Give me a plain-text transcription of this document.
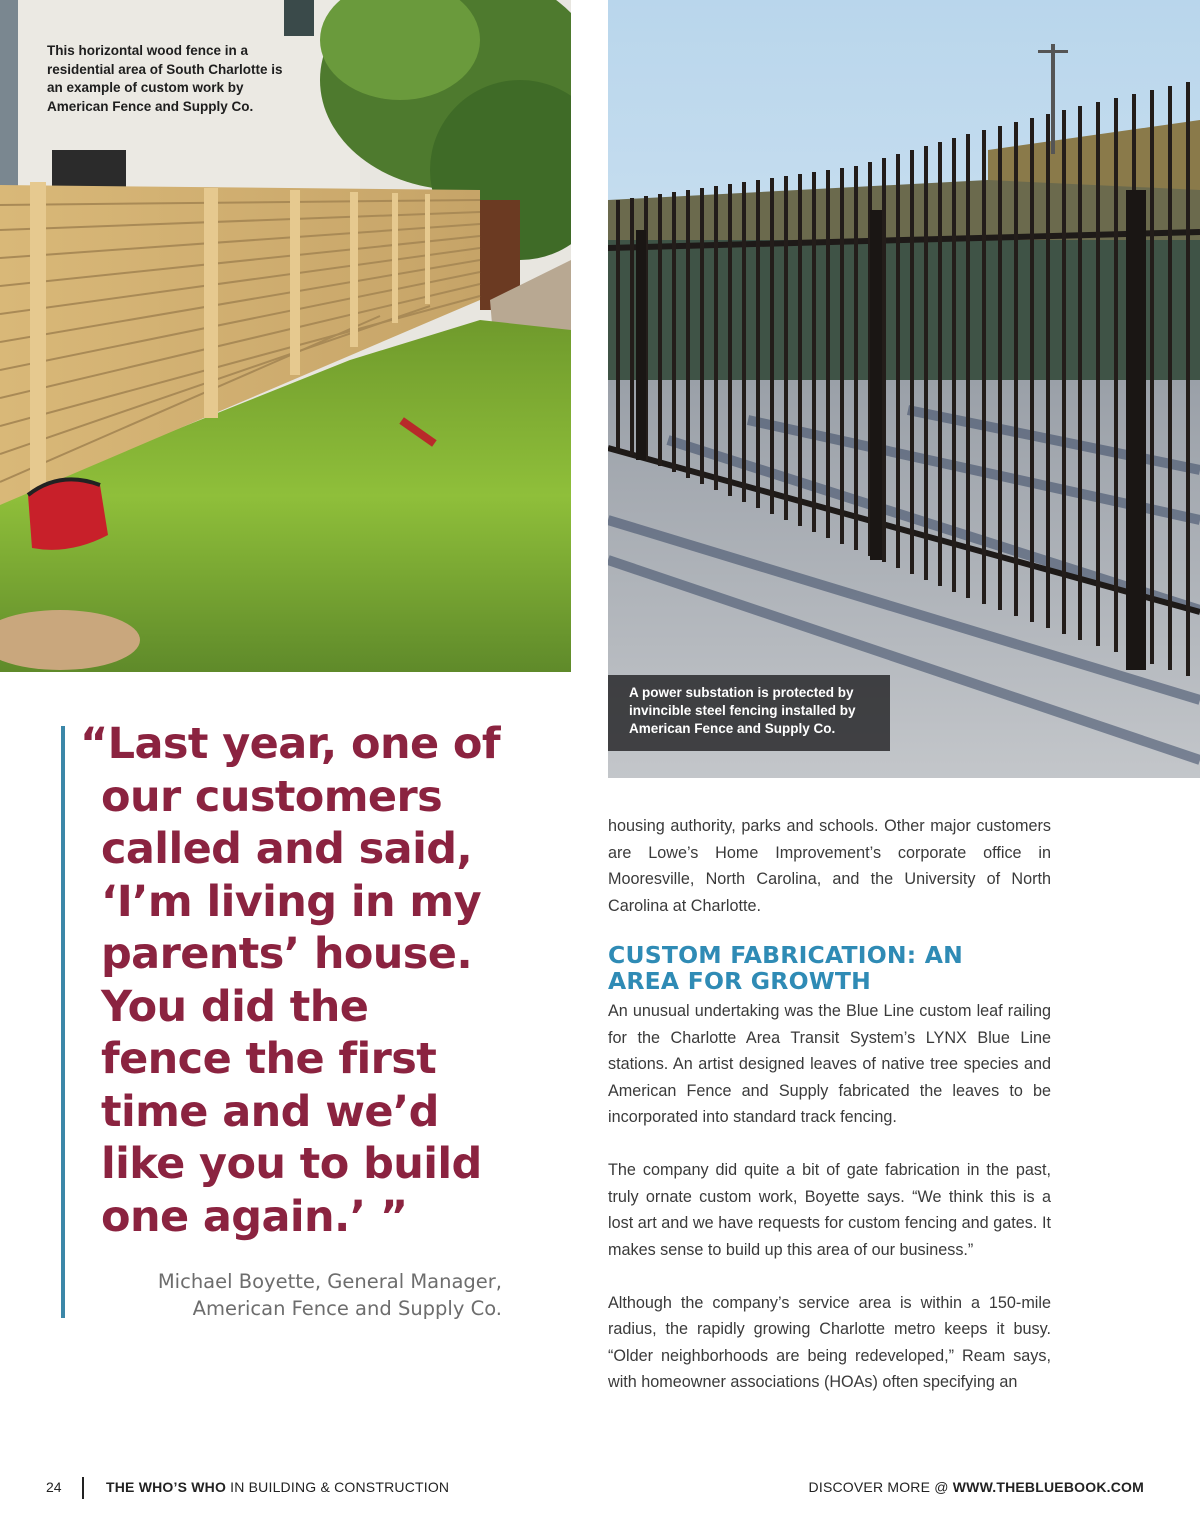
This horizontal wood fence in a residential area of South Charlotte is an example of custom work by American Fence and Supply Co.
A power substation is protected by invincible steel fencing installed by American Fence and Supply Co.
“Last year, one of
our customers
called and said,
‘I’m living in my
parents’ house.
You did the
fence the first
time and we’d
like you to build
one again.’ ”
Michael Boyette, General Manager,
American Fence and Supply Co.

housing authority, parks and schools. Other major customers are Lowe’s Home Improvement’s corporate office in Mooresville, North Carolina, and the University of North Carolina at Charlotte.

CUSTOM FABRICATION: AN
AREA FOR GROWTH

An unusual undertaking was the Blue Line custom leaf railing for the Charlotte Area Transit System’s LYNX Blue Line stations. An artist designed leaves of native tree species and American Fence and Supply fabricated the leaves to be incorporated into standard track fencing.

The company did quite a bit of gate fabrication in the past, truly ornate custom work, Boyette says. “We think this is a lost art and we have requests for custom fencing and gates. It makes sense to build up this area of our business.”

Although the company’s service area is within a 150-mile radius, the rapidly growing Charlotte metro keeps it busy. “Older neighborhoods are being redeveloped,” Ream says, with homeowner associations (HOAs) often specifying an

24	THE WHO’S WHO IN BUILDING & CONSTRUCTION	DISCOVER MORE @ WWW.THEBLUEBOOK.COM
